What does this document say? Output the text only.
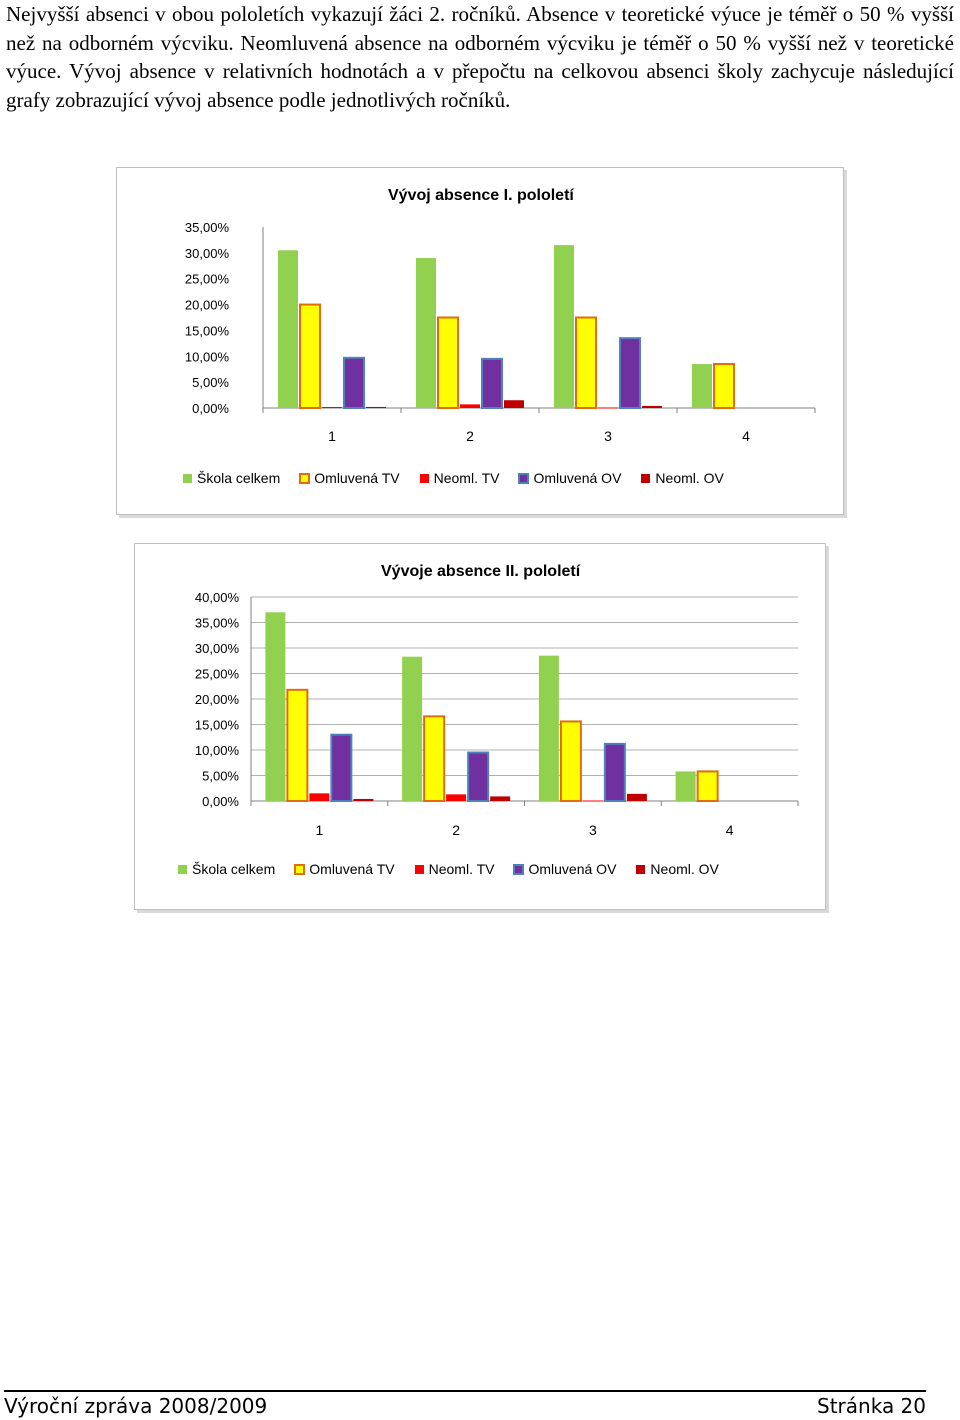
Nejvyšší absenci v obou pololetích vykazují žáci 2. ročníků. Absence v teoretické výuce je téměř o 50 % vyšší než na odborném výcviku. Neomluvená absence na odborném výcviku je téměř o 50 % vyšší než v teoretické výuce. Vývoj absence v relativních hodnotách a v přepočtu na celkovou absenci školy zachycuje následující grafy zobrazující vývoj absence podle jednotlivých ročníků.

Vývoj absence I. pololetí
35,00%
30,00%
25,00%
20,00%
15,00%
10,00%
5,00%
0,00%
1	2	3	4
Škola celkem Omluvená TV Neoml. TV Omluvená OV Neoml. OV
Vývoje absence II. pololetí
40,00%
35,00%
30,00%
25,00%
20,00%
15,00%
10,00%
5,00%
0,00%
1	2	3	4
Škola celkem Omluvená TV Neoml. TV Omluvená OV Neoml. OV
Výroční zpráva 2008/2009	Stránka 20
